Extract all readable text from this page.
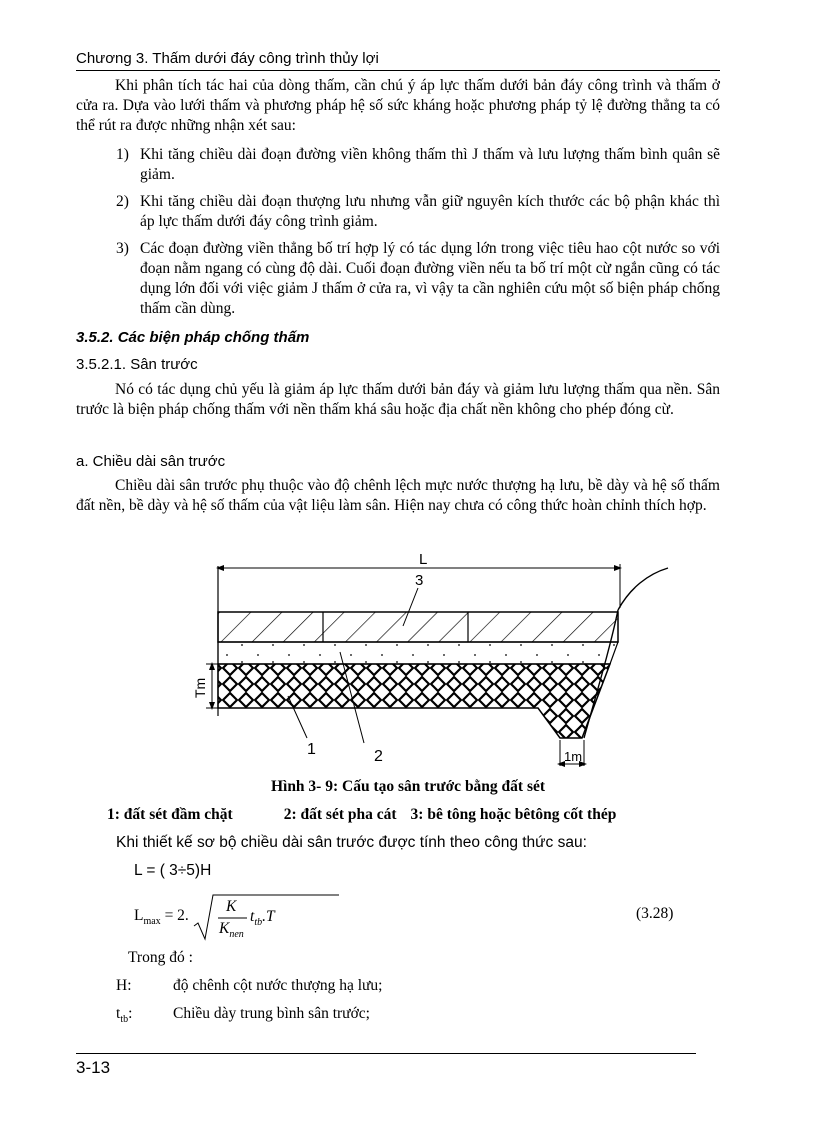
Chương 3. Thấm dưới đáy công trình thủy lợi
Khi phân tích tác hai của dòng thấm, cần chú ý áp lực thấm dưới bản đáy công trình và thấm ở cửa ra. Dựa vào lưới thấm và phương pháp hệ số sức kháng hoặc phương pháp tỷ lệ đường thẳng ta có thể rút ra được những nhận xét sau:
1) Khi tăng chiều dài đoạn đường viền không thấm thì J thấm và lưu lượng thấm bình quân sẽ giảm.
2) Khi tăng chiều dài đoạn thượng lưu nhưng vẫn giữ nguyên kích thước các bộ phận khác thì áp lực thấm dưới đáy công trình giảm.
3) Các đoạn đường viền thẳng bố trí hợp lý có tác dụng lớn trong việc tiêu hao cột nước so với đoạn nằm ngang có cùng độ dài. Cuối đoạn đường viền nếu ta bố trí một cừ ngắn cũng có tác dụng lớn đối với việc giảm J thấm ở cửa ra, vì vậy ta cần nghiên cứu một số biện pháp chống thấm cần dùng.
3.5.2. Các biện pháp chống thấm
3.5.2.1. Sân trước
Nó có tác dụng chủ yếu là giảm áp lực thấm dưới bản đáy và giảm lưu lượng thấm qua nền. Sân trước là biện pháp chống thấm với nền thấm khá sâu hoặc địa chất nền không cho phép đóng cừ.
a. Chiều dài sân trước
Chiều dài sân trước phụ thuộc vào độ chênh lệch mực nước thượng hạ lưu, bề dày và hệ số thấm đất nền, bề dày và hệ số thấm của vật liệu làm sân. Hiện nay chưa có công thức hoàn chỉnh thích hợp.
L
3
Tm
1m
1	2
Hình 3- 9: Cấu tạo sân trước bằng đất sét
1: đất sét đầm chặt	2: đất sét pha cát 3: bê tông hoặc bêtông cốt thép
Khi thiết kế sơ bộ chiều dài sân trước được tính theo công thức sau:
L = ( 3÷5)H
$L_{max} = 2$.
K
$K_{nen}$
$t_{tb}.T$	(3.28)
Trong đó :
H:	độ chênh cột nước thượng hạ lưu;
$t_{tb}$:	Chiều dày trung bình sân trước;
3-13
